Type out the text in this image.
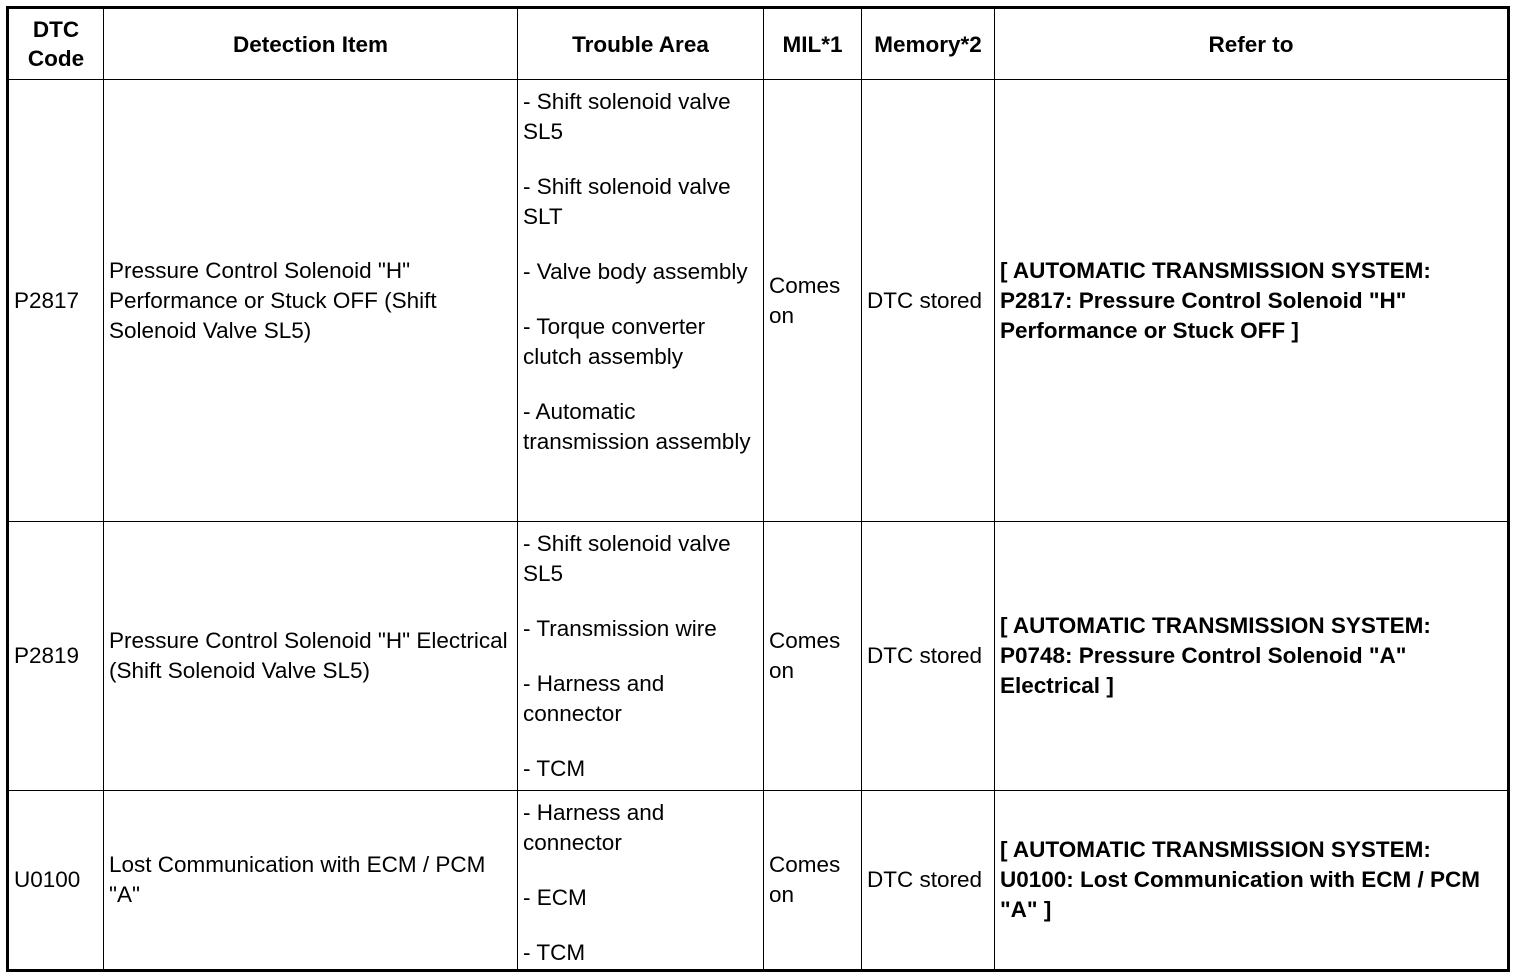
DTC
Code	Detection Item	Trouble Area	MIL*1	Memory*2	Refer to
P2817	Pressure Control Solenoid "H" Performance or Stuck OFF (Shift Solenoid Valve SL5)	- Shift solenoid valve SL5
- Shift solenoid valve SLT
- Valve body assembly
- Torque converter clutch assembly
- Automatic transmission assembly	Comes on	DTC stored	[ AUTOMATIC TRANSMISSION SYSTEM: P2817: Pressure Control Solenoid "H" Performance or Stuck OFF ]

P2819	Pressure Control Solenoid "H" Electrical (Shift Solenoid Valve SL5)	- Shift solenoid valve SL5
- Transmission wire
- Harness and connector
- TCM	Comes on	DTC stored	[ AUTOMATIC TRANSMISSION SYSTEM: P0748: Pressure Control Solenoid "A" Electrical ]

U0100	Lost Communication with ECM / PCM "A"	- Harness and connector
- ECM
- TCM	Comes on	DTC stored	[ AUTOMATIC TRANSMISSION SYSTEM: U0100: Lost Communication with ECM / PCM "A" ]
